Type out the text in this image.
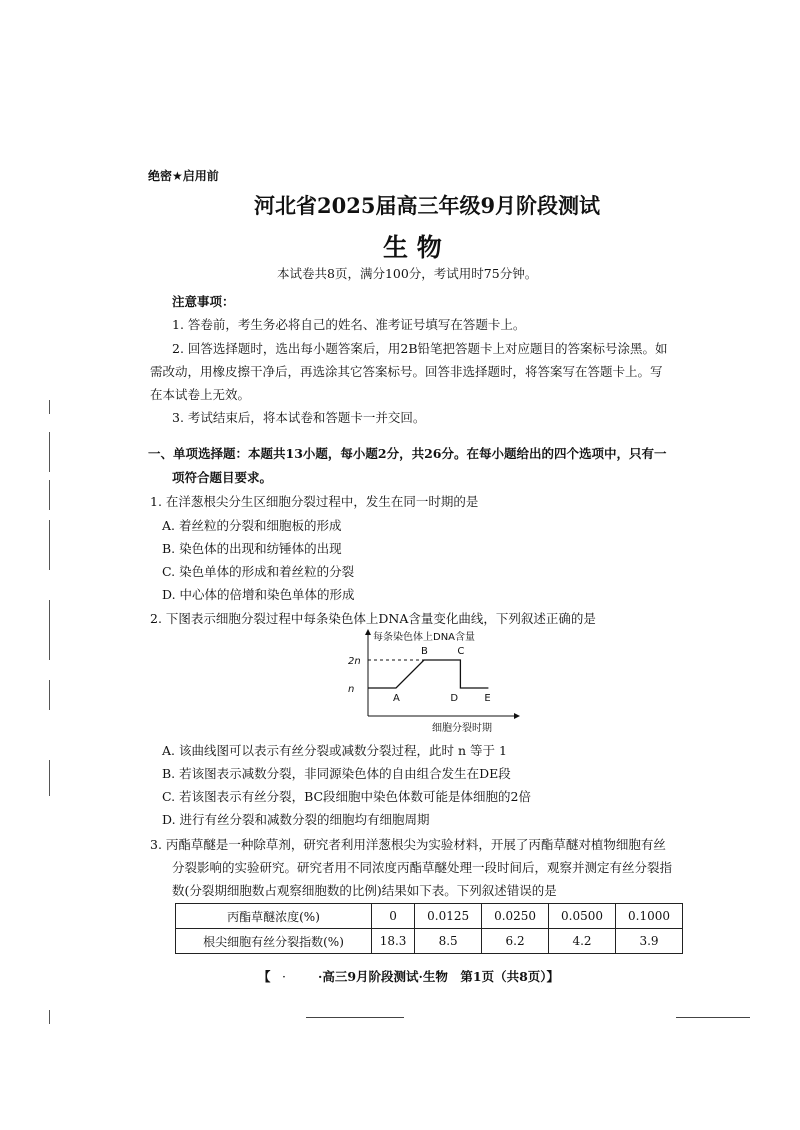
绝密★启用前
河北省2025届高三年级9月阶段测试
生 物
本试卷共8页，满分100分，考试用时75分钟。
注意事项：
1. 答卷前，考生务必将自己的姓名、准考证号填写在答题卡上。
2. 回答选择题时，选出每小题答案后，用2B铅笔把答题卡上对应题目的答案标号涂黑。如
需改动，用橡皮擦干净后，再选涂其它答案标号。回答非选择题时，将答案写在答题卡上。写
在本试卷上无效。
3. 考试结束后，将本试卷和答题卡一并交回。
一、单项选择题：本题共13小题，每小题2分，共26分。在每小题给出的四个选项中，只有一
项符合题目要求。
1. 在洋葱根尖分生区细胞分裂过程中，发生在同一时期的是
A. 着丝粒的分裂和细胞板的形成
B. 染色体的出现和纺锤体的出现
C. 染色单体的形成和着丝粒的分裂
D. 中心体的倍增和染色单体的形成
2. 下图表示细胞分裂过程中每条染色体上DNA含量变化曲线，下列叙述正确的是
每条染色体上DNA含量
细胞分裂时期
n
2n
A
B	C
D	E
A. 该曲线图可以表示有丝分裂或减数分裂过程，此时 n 等于 1
B. 若该图表示减数分裂，非同源染色体的自由组合发生在DE段
C. 若该图表示有丝分裂，BC段细胞中染色体数可能是体细胞的2倍
D. 进行有丝分裂和减数分裂的细胞均有细胞周期
3. 丙酯草醚是一种除草剂，研究者利用洋葱根尖为实验材料，开展了丙酯草醚对植物细胞有丝
分裂影响的实验研究。研究者用不同浓度丙酯草醚处理一段时间后，观察并测定有丝分裂指
数(分裂期细胞数占观察细胞数的比例)结果如下表。下列叙述错误的是
丙酯草醚浓度(%)	0	0.0125	0.0250	0.0500	0.1000
根尖细胞有丝分裂指数(%)	18.3	8.5	6.2	4.2	3.9
【 ·	·高三9月阶段测试·生物　第1页（共8页）】
